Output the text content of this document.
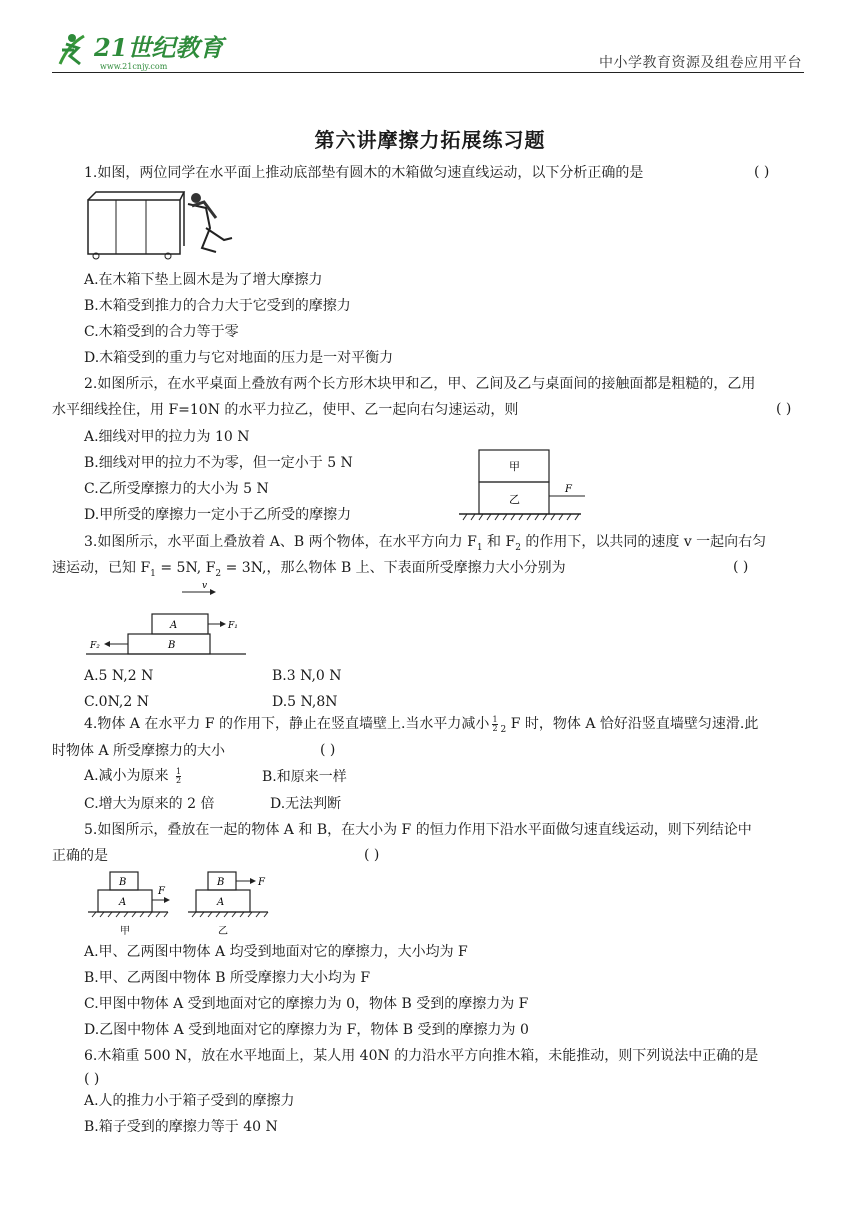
21世纪教育
www.21cnjy.com	中小学教育资源及组卷应用平台
第六讲摩擦力拓展练习题
1.如图，两位同学在水平面上推动底部垫有圆木的木箱做匀速直线运动，以下分析正确的是	( )
A.在木箱下垫上圆木是为了增大摩擦力
B.木箱受到推力的合力大于它受到的摩擦力
C.木箱受到的合力等于零
D.木箱受到的重力与它对地面的压力是一对平衡力
2.如图所示，在水平桌面上叠放有两个长方形木块甲和乙，甲、乙间及乙与桌面间的接触面都是粗糙的，乙用
水平细线拴住，用 F=10N 的水平力拉乙，使甲、乙一起向右匀速运动，则	( )
A.细线对甲的拉力为 10 N
B.细线对甲的拉力不为零，但一定小于 5 N
C.乙所受摩擦力的大小为 5 N
D.甲所受的摩擦力一定小于乙所受的摩擦力
甲
乙
F
3.如图所示，水平面上叠放着 A、B 两个物体，在水平方向力 $F_1$ 和 $F_2$ 的作用下，以共同的速度 v 一起向右匀
速运动，已知 $F_1 = 5N$, $F_2 = 3N$,，那么物体 B 上、下表面所受摩擦力大小分别为	( )
v
A
B
F₁
F₂
A.5 N,2 N	B.3 N,0 N
C.0N,2 N	D.5 N,8N
4.物体 A 在水平力 F 的作用下，静止在竖直墙壁上.当水平力减小 $\frac{1}{2} _2$ F 时，物体 A 恰好沿竖直墙壁匀速滑.此
时物体 A 所受摩擦力的大小	( )
A.减小为原来 $\frac{1}{2}$	B.和原来一样
C.增大为原来的 2 倍	D.无法判断
5.如图所示，叠放在一起的物体 A 和 B，在大小为 F 的恒力作用下沿水平面做匀速直线运动，则下列结论中
正确的是	( )
B
A
F
甲
B
A
F
乙
A.甲、乙两图中物体 A 均受到地面对它的摩擦力，大小均为 F
B.甲、乙两图中物体 B 所受摩擦力大小均为 F
C.甲图中物体 A 受到地面对它的摩擦力为 0，物体 B 受到的摩擦力为 F
D.乙图中物体 A 受到地面对它的摩擦力为 F，物体 B 受到的摩擦力为 0
6.木箱重 500 N，放在水平地面上，某人用 40N 的力沿水平方向推木箱，未能推动，则下列说法中正确的是
( )
A.人的推力小于箱子受到的摩擦力
B.箱子受到的摩擦力等于 40 N
